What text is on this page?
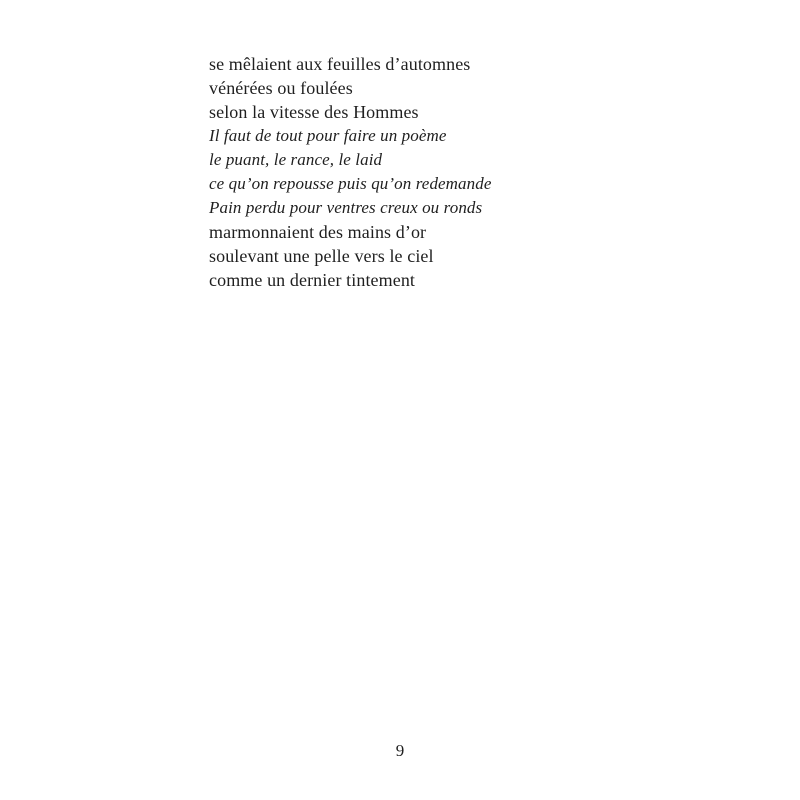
se mêlaient aux feuilles d’automnes
vénérées ou foulées
selon la vitesse des Hommes
Il faut de tout pour faire un poème
le puant, le rance, le laid
ce qu’on repousse puis qu’on redemande
Pain perdu pour ventres creux ou ronds
marmonnaient des mains d’or
soulevant une pelle vers le ciel
comme un dernier tintement
9
